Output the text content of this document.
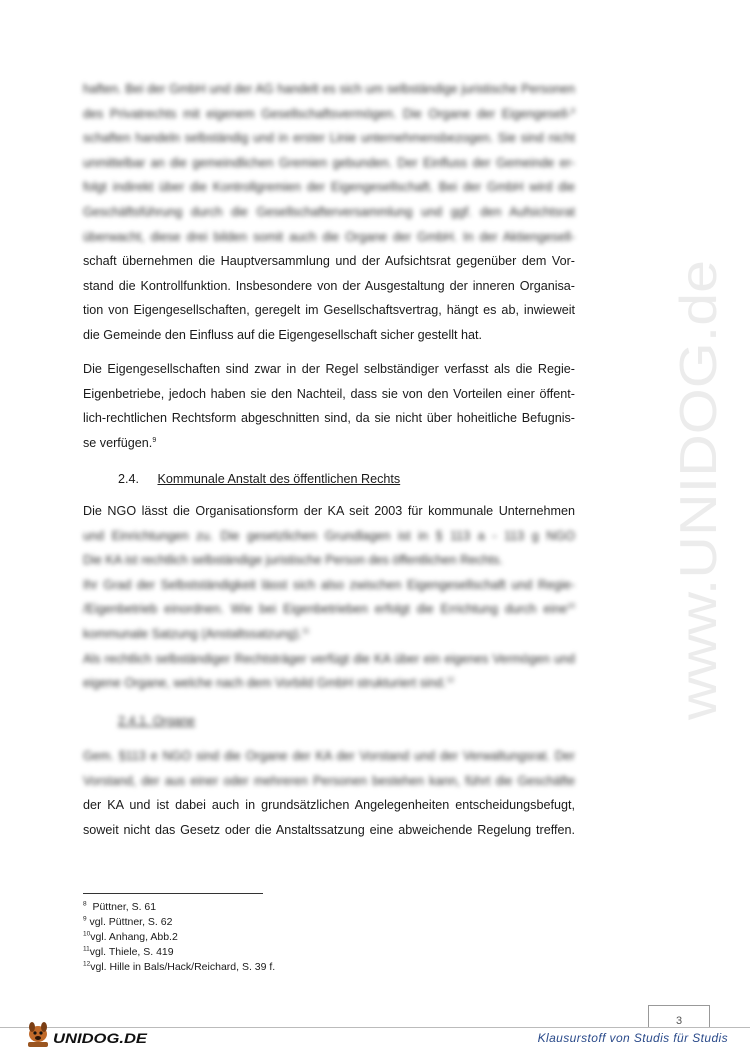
haften. Bei der GmbH und der AG handelt es sich um selbständige juristische Personen
des Privatrechts mit eigenem Gesellschaftsvermögen. Die Organe der Eigengesell-$^8$
schaften handeln selbständig und in erster Linie unternehmensbezogen. Sie sind nicht
unmittelbar an die gemeindlichen Gremien gebunden. Der Einfluss der Gemeinde er-
folgt indirekt über die Kontrollgremien der Eigengesellschaft. Bei der GmbH wird die
Geschäftsführung durch die Gesellschafterversammlung und ggf. den Aufsichtsrat
überwacht, diese drei bilden somit auch die Organe der GmbH. In der Aktiengesell-
schaft übernehmen die Hauptversammlung und der Aufsichtsrat gegenüber dem Vor-
stand die Kontrollfunktion. Insbesondere von der Ausgestaltung der inneren Organisa-
tion von Eigengesellschaften, geregelt im Gesellschaftsvertrag, hängt es ab, inwieweit
die Gemeinde den Einfluss auf die Eigengesellschaft sicher gestellt hat.
Die Eigengesellschaften sind zwar in der Regel selbständiger verfasst als die Regie-
Eigenbetriebe, jedoch haben sie den Nachteil, dass sie von den Vorteilen einer öffent-
lich-rechtlichen Rechtsform abgeschnitten sind, da sie nicht über hoheitliche Befugnis-
se verfügen.$^9$
2.4. Kommunale Anstalt des öffentlichen Rechts
Die NGO lässt die Organisationsform der KA seit 2003 für kommunale Unternehmen
und Einrichtungen zu. Die gesetzlichen Grundlagen ist in § 113 a - 113 g NGO
Die KA ist rechtlich selbständige juristische Person des öffentlichen Rechts.
Ihr Grad der Selbstständigkeit lässt sich also zwischen Eigengesellschaft und Regie-
/Eigenbetrieb einordnen. Wie bei Eigenbetrieben erfolgt die Errichtung durch eine$^{10}$
kommunale Satzung (Anstaltssatzung).$^{11}$
Als rechtlich selbständiger Rechtsträger verfügt die KA über ein eigenes Vermögen und
eigene Organe, welche nach dem Vorbild GmbH strukturiert sind.$^{12}$
2.4.1. Organe
Gem. §113 e NGO sind die Organe der KA der Vorstand und der Verwaltungsrat. Der
Vorstand, der aus einer oder mehreren Personen bestehen kann, führt die Geschäfte
der KA und ist dabei auch in grundsätzlichen Angelegenheiten entscheidungsbefugt,
soweit nicht das Gesetz oder die Anstaltssatzung eine abweichende Regelung treffen.
$^8$ Püttner, S. 61
$^9$ vgl. Püttner, S. 62
$^{10}$vgl. Anhang, Abb.2
$^{11}$vgl. Thiele, S. 419
$^{12}$vgl. Hille in Bals/Hack/Reichard, S. 39 f.
www.UNIDOG.de
3
UNIDOG.DE	Klausurstoff von Studis für Studis
